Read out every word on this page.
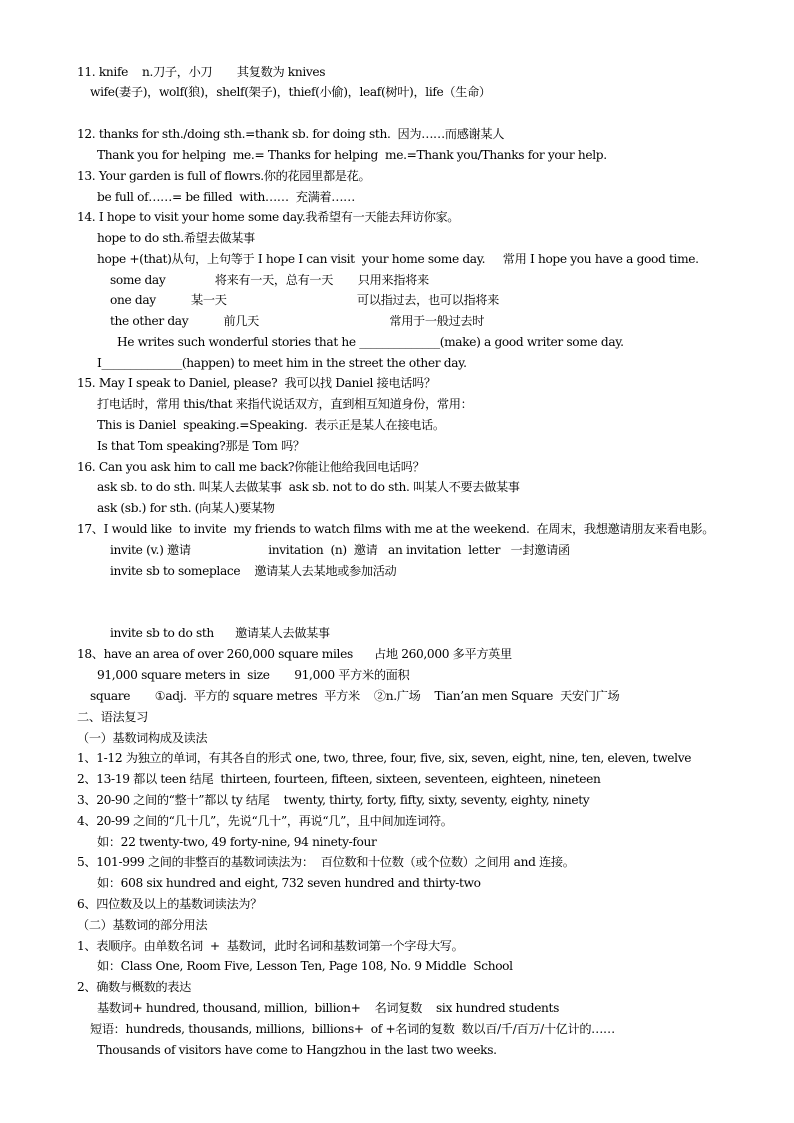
11. knife    n.刀子，小刀       其复数为 knives
wife(妻子)，wolf(狼)，shelf(架子)，thief(小偷)，leaf(树叶)，life（生命）
12. thanks for sth./doing sth.=thank sb. for doing sth.  因为……而感谢某人
Thank you for helping  me.= Thanks for helping  me.=Thank you/Thanks for your help.
13. Your garden is full of flowrs.你的花园里都是花。
be full of……= be filled  with……  充满着……
14. I hope to visit your home some day.我希望有一天能去拜访你家。
hope to do sth.希望去做某事
hope +(that)从句，上句等于 I hope I can visit  your home some day.     常用 I hope you have a good time.
some day              将来有一天，总有一天       只用来指将来
one day          某一天                                     可以指过去，也可以指将来
the other day          前几天                                     常用于一般过去时
He writes such wonderful stories that he ______________(make) a good writer some day.
I______________(happen) to meet him in the street the other day.
15. May I speak to Daniel, please?  我可以找 Daniel 接电话吗？
打电话时，常用 this/that 来指代说话双方，直到相互知道身份，常用：
This is Daniel  speaking.=Speaking.  表示正是某人在接电话。
Is that Tom speaking?那是 Tom 吗？
16. Can you ask him to call me back?你能让他给我回电话吗？
ask sb. to do sth. 叫某人去做某事  ask sb. not to do sth. 叫某人不要去做某事
ask (sb.) for sth. (向某人)要某物
17、I would like  to invite  my friends to watch films with me at the weekend.  在周末，我想邀请朋友来看电影。
invite (v.) 邀请                      invitation  (n)  邀请   an invitation  letter   一封邀请函
invite sb to someplace    邀请某人去某地或参加活动
invite sb to do sth      邀请某人去做某事
18、have an area of over 260,000 square miles      占地 260,000 多平方英里
91,000 square meters in  size       91,000 平方米的面积
square       ①adj.  平方的 square metres  平方米    ②n.广场    Tian’an men Square  天安门广场
二、语法复习
（一）基数词构成及读法
1、1-12 为独立的单词，有其各自的形式 one, two, three, four, five, six, seven, eight, nine, ten, eleven, twelve
2、13-19 都以 teen 结尾  thirteen, fourteen, fifteen, sixteen, seventeen, eighteen, nineteen
3、20-90 之间的“整十”都以 ty 结尾    twenty, thirty, forty, fifty, sixty, seventy, eighty, ninety
4、20-99 之间的“几十几”，先说“几十”，再说“几”，且中间加连词符。
如：22 twenty-two, 49 forty-nine, 94 ninety-four
5、101-999 之间的非整百的基数词读法为：  百位数和十位数（或个位数）之间用 and 连接。
如：608 six hundred and eight, 732 seven hundred and thirty-two
6、四位数及以上的基数词读法为？
（二）基数词的部分用法
1、表顺序。由单数名词  +  基数词，此时名词和基数词第一个字母大写。
如：Class One, Room Five, Lesson Ten, Page 108, No. 9 Middle  School
2、确数与概数的表达
基数词+ hundred, thousand, million,  billion+    名词复数    six hundred students
短语：hundreds, thousands, millions,  billions+  of +名词的复数  数以百/千/百万/十亿计的……
Thousands of visitors have come to Hangzhou in the last two weeks.
